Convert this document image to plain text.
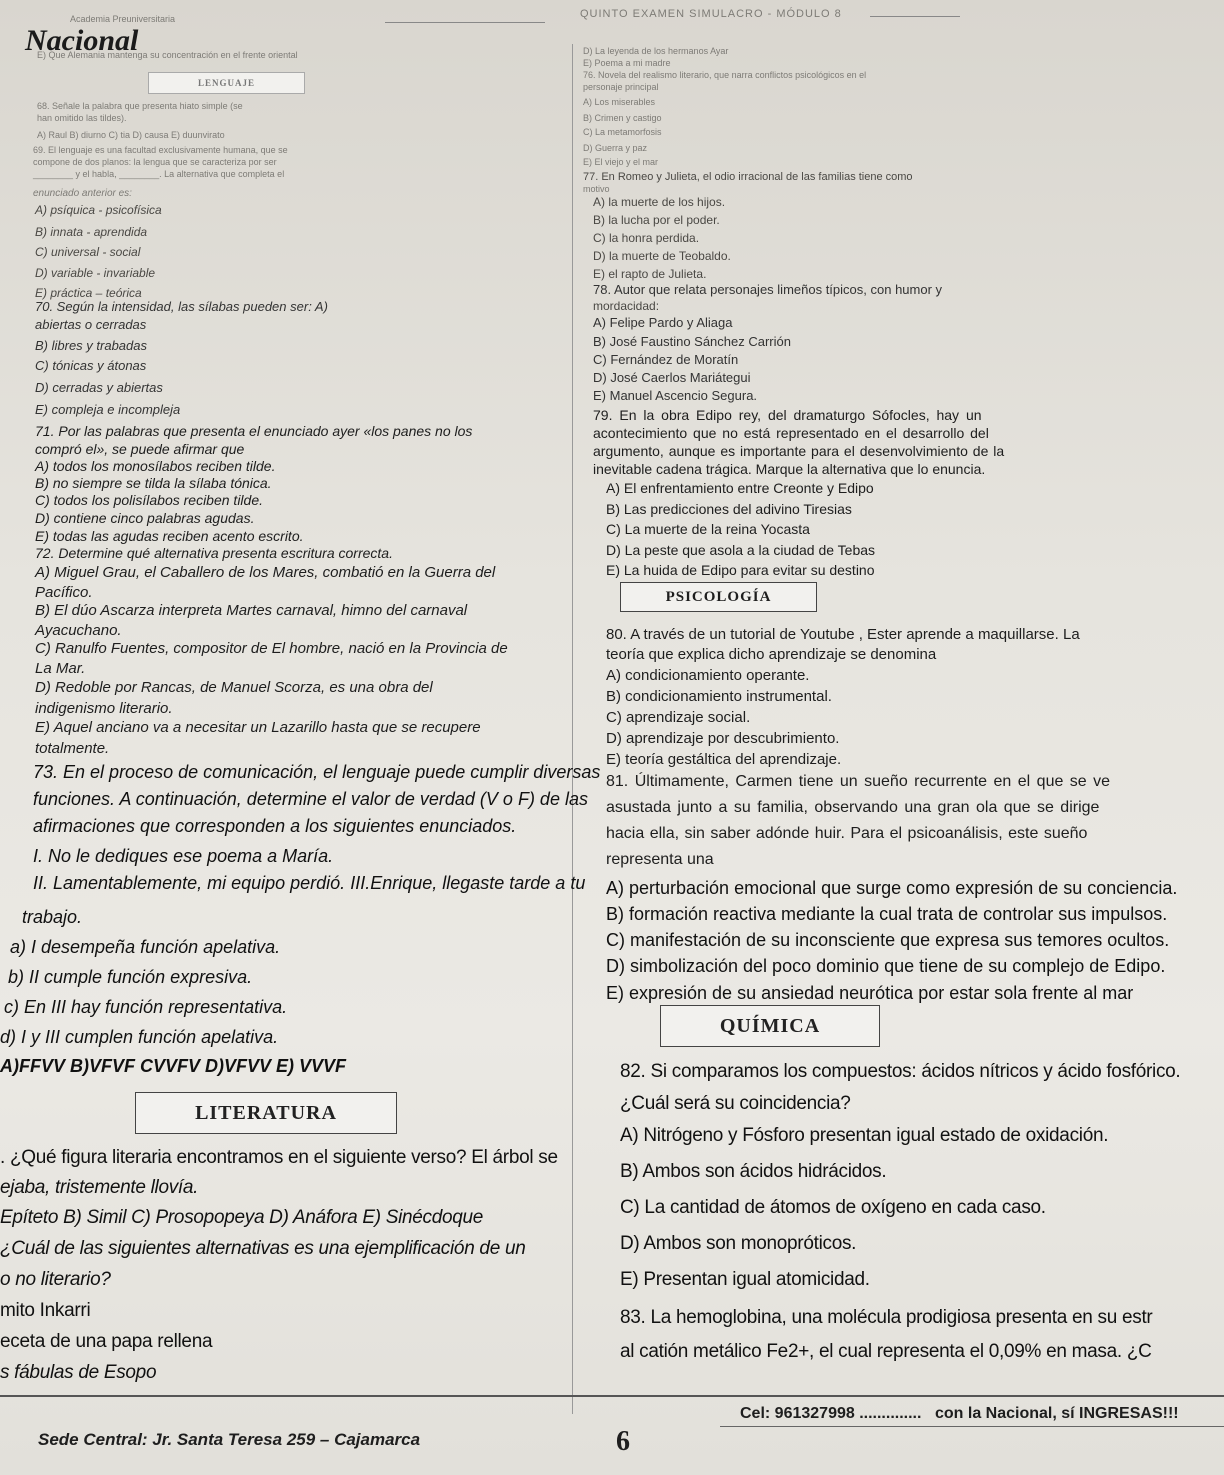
Academia Preuniversitaria
Nacional
QUINTO EXAMEN SIMULACRO - MÓDULO 8
LENGUAJE
E) Que Alemania mantenga su concentración en el frente oriental
68. Señale la palabra que presenta hiato simple (se
han omitido las tildes).
A) Raul B) diurno C) tia D) causa E) duunvirato
69. El lenguaje es una facultad exclusivamente humana, que se
compone de dos planos: la lengua que se caracteriza por ser
________ y el habla, ________. La alternativa que completa el
enunciado anterior es:
A) psíquica - psicofísica
B) innata - aprendida
C) universal - social
D) variable - invariable
E) práctica – teórica
70. Según la intensidad, las sílabas pueden ser: A)
abiertas o cerradas
B) libres y trabadas
C) tónicas y átonas
D) cerradas y abiertas
E) compleja e incompleja
71. Por las palabras que presenta el enunciado ayer «los panes no los
compró el», se puede afirmar que
A) todos los monosílabos reciben tilde.
B) no siempre se tilda la sílaba tónica.
C) todos los polisílabos reciben tilde.
D) contiene cinco palabras agudas.
E) todas las agudas reciben acento escrito.
72. Determine qué alternativa presenta escritura correcta.
A) Miguel Grau, el Caballero de los Mares, combatió en la Guerra del
Pacífico.
B) El dúo Ascarza interpreta Martes carnaval, himno del carnaval
Ayacuchano.
C) Ranulfo Fuentes, compositor de El hombre, nació en la Provincia de
La Mar.
D) Redoble por Rancas, de Manuel Scorza, es una obra del
indigenismo literario.
E) Aquel anciano va a necesitar un Lazarillo hasta que se recupere
totalmente.
73. En el proceso de comunicación, el lenguaje puede cumplir diversas
funciones. A continuación, determine el valor de verdad (V o F) de las
afirmaciones que corresponden a los siguientes enunciados.
I. No le dediques ese poema a María.
II. Lamentablemente, mi equipo perdió. III.Enrique, llegaste tarde a tu
trabajo.
a) I desempeña función apelativa.
b) II cumple función expresiva.
c) En III hay función representativa.
d) I y III cumplen función apelativa.
A)FFVV B)VFVF CVVFV D)VFVV E) VVVF
LITERATURA
. ¿Qué figura literaria encontramos en el siguiente verso? El árbol se
ejaba, tristemente llovía.
Epíteto B) Simil C) Prosopopeya D) Anáfora E) Sinécdoque
¿Cuál de las siguientes alternativas es una ejemplificación de un
o no literario?
mito Inkarri
eceta de una papa rellena
s fábulas de Esopo
D) La leyenda de los hermanos Ayar
E) Poema a mi madre
76. Novela del realismo literario, que narra conflictos psicológicos en el
personaje principal
A) Los miserables
B) Crimen y castigo
C) La metamorfosis
D) Guerra y paz
E) El viejo y el mar
77. En Romeo y Julieta, el odio irracional de las familias tiene como
motivo
A) la muerte de los hijos.
B) la lucha por el poder.
C) la honra perdida.
D) la muerte de Teobaldo.
E) el rapto de Julieta.
78. Autor que relata personajes limeños típicos, con humor y
mordacidad:
A) Felipe Pardo y Aliaga
B) José Faustino Sánchez Carrión
C) Fernández de Moratín
D) José Caerlos Mariátegui
E) Manuel Ascencio Segura.
79. En la obra Edipo rey, del dramaturgo Sófocles, hay un
acontecimiento que no está representado en el desarrollo del
argumento, aunque es importante para el desenvolvimiento de la
inevitable cadena trágica. Marque la alternativa que lo enuncia.
A) El enfrentamiento entre Creonte y Edipo
B) Las predicciones del adivino Tiresias
C) La muerte de la reina Yocasta
D) La peste que asola a la ciudad de Tebas
E) La huida de Edipo para evitar su destino
PSICOLOGÍA
80. A través de un tutorial de Youtube , Ester aprende a maquillarse. La
teoría que explica dicho aprendizaje se denomina
A) condicionamiento operante.
B) condicionamiento instrumental.
C) aprendizaje social.
D) aprendizaje por descubrimiento.
E) teoría gestáltica del aprendizaje.
81. Últimamente, Carmen tiene un sueño recurrente en el que se ve
asustada junto a su familia, observando una gran ola que se dirige
hacia ella, sin saber adónde huir. Para el psicoanálisis, este sueño
representa una
A) perturbación emocional que surge como expresión de su conciencia.
B) formación reactiva mediante la cual trata de controlar sus impulsos.
C) manifestación de su inconsciente que expresa sus temores ocultos.
D) simbolización del poco dominio que tiene de su complejo de Edipo.
E) expresión de su ansiedad neurótica por estar sola frente al mar
QUÍMICA
82. Si comparamos los compuestos: ácidos nítricos y ácido fosfórico.
¿Cuál será su coincidencia?
A) Nitrógeno y Fósforo presentan igual estado de oxidación.
B) Ambos son ácidos hidrácidos.
C) La cantidad de átomos de oxígeno en cada caso.
D) Ambos son monopróticos.
E) Presentan igual atomicidad.
83. La hemoglobina, una molécula prodigiosa presenta en su estr
al catión metálico Fe2+, el cual representa el 0,09% en masa. ¿C
Sede Central: Jr. Santa Teresa 259 – Cajamarca	6
Cel: 961327998 .............. con la Nacional, sí INGRESAS!!!
